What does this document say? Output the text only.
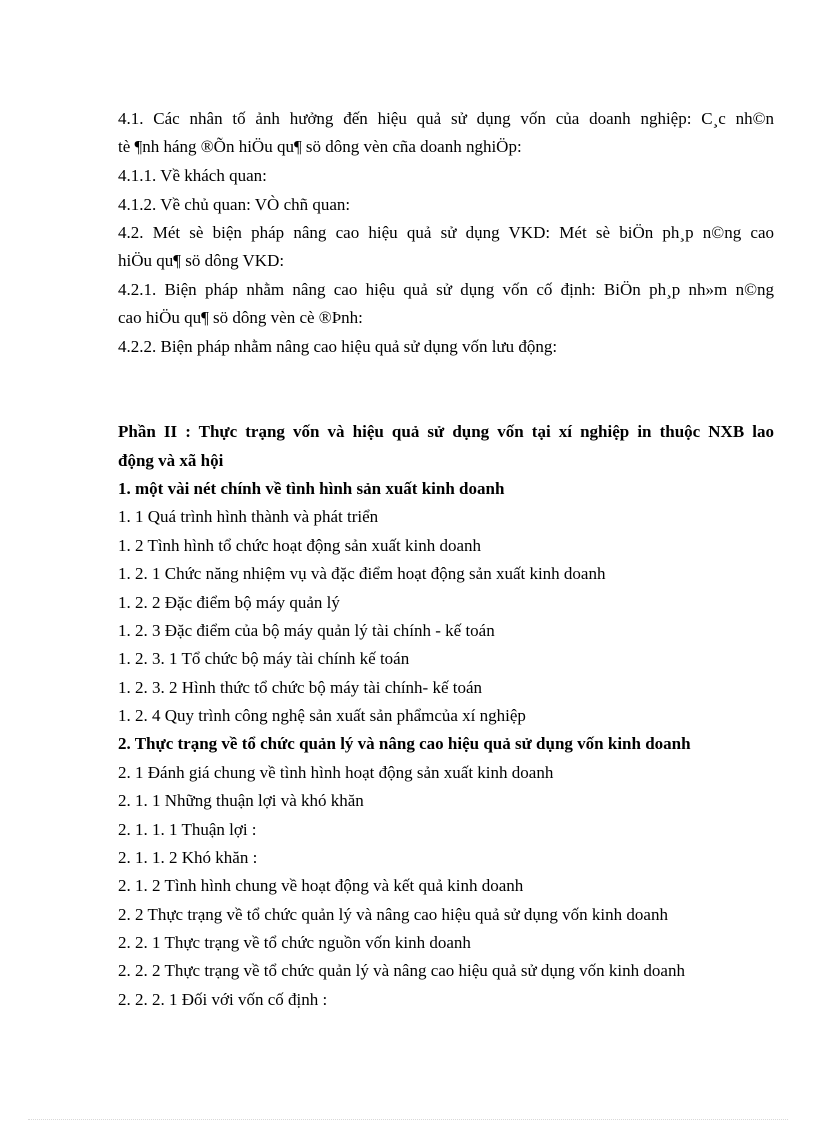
4.1. Các nhân tố ảnh hưởng đến hiệu quả sử dụng vốn của doanh nghiệp: C¸c nh©n
tè ¶nh háng ®Õn hiÖu qu¶ sö dông vèn cña doanh nghiÖp:
4.1.1. Về khách quan:
4.1.2. Về chủ quan: VÒ chñ quan:
4.2. Mét sè biện pháp nâng cao hiệu quả sử dụng VKD: Mét sè biÖn ph¸p n©ng cao
hiÖu qu¶ sö dông VKD:
4.2.1. Biện pháp nhằm nâng cao hiệu quả sử dụng vốn cố định: BiÖn ph¸p nh»m n©ng
cao hiÖu qu¶ sö dông vèn cè ®Þnh:
4.2.2. Biện pháp nhằm nâng cao hiệu quả sử dụng vốn lưu động:
Phần II : Thực trạng vốn và hiệu quả sử dụng vốn tại xí nghiệp in thuộc NXB lao
động và xã hội
1. một vài nét chính về tình hình sản xuất kinh doanh
1. 1 Quá trình hình thành và phát triển
1. 2 Tình hình tổ chức hoạt động sản xuất kinh doanh
1. 2. 1 Chức năng nhiệm vụ và đặc điểm hoạt động sản xuất kinh doanh
1. 2. 2 Đặc điểm bộ máy quản lý
1. 2. 3 Đặc điểm của bộ máy quản lý tài chính - kế toán
1. 2. 3. 1 Tổ chức bộ máy tài chính kế toán
1. 2. 3. 2 Hình thức tổ chức bộ máy tài chính- kế toán
1. 2. 4 Quy trình công nghệ sản xuất sản phẩmcủa xí nghiệp
2. Thực trạng về tổ chức quản lý và nâng cao hiệu quả sử dụng vốn kinh doanh
2. 1 Đánh giá chung về tình hình hoạt động sản xuất kinh doanh
2. 1. 1 Những thuận lợi và khó khăn
2. 1. 1. 1 Thuận lợi :
2. 1. 1. 2 Khó khăn :
2. 1. 2 Tình hình chung về hoạt động và kết quả kinh doanh
2. 2 Thực trạng về tổ chức quản lý và nâng cao hiệu quả sử dụng vốn kinh doanh
2. 2. 1 Thực trạng về tổ chức nguồn vốn kinh doanh
2. 2. 2 Thực trạng về tổ chức quản lý và nâng cao hiệu quả sử dụng vốn kinh doanh
2. 2. 2. 1 Đối với vốn cố định :
